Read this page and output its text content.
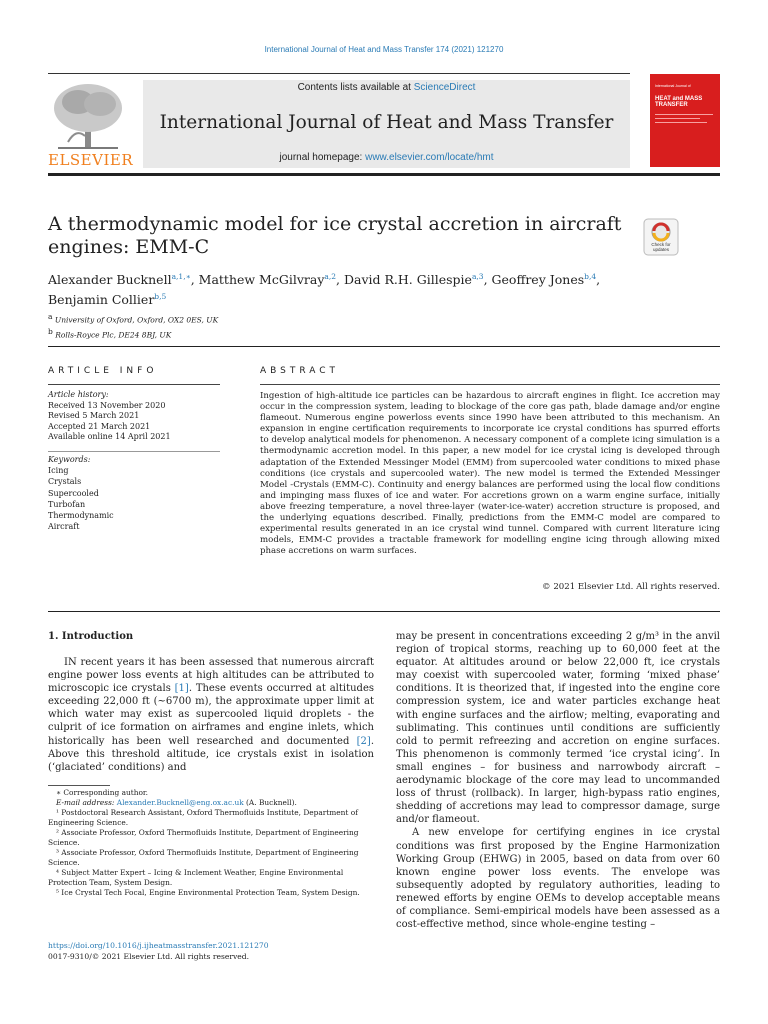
International Journal of Heat and Mass Transfer 174 (2021) 121270
ELSEVIER
Contents lists available at ScienceDirect
International Journal of Heat and Mass Transfer
journal homepage: www.elsevier.com/locate/hmt
International Journal of
HEAT and MASS TRANSFER
A thermodynamic model for ice crystal accretion in aircraft engines: EMM-C	Check for updates
Alexander Bucknell$^{a,1,∗}$, Matthew McGilvray$^{a,2}$, David R.H. Gillespie$^{a,3}$, Geoffrey Jones$^{b,4}$,
Benjamin Collier$^{b,5}$
$^a$ University of Oxford, Oxford, OX2 0ES, UK
$^b$ Rolls-Royce Plc, DE24 8BJ, UK
ARTICLE INFO
Article history:
Received 13 November 2020
Revised 5 March 2021
Accepted 21 March 2021
Available online 14 April 2021
Keywords:
Icing
Crystals
Supercooled
Turbofan
Thermodynamic
Aircraft
ABSTRACT
Ingestion of high-altitude ice particles can be hazardous to aircraft engines in flight. Ice accretion may occur in the compression system, leading to blockage of the core gas path, blade damage and/or engine flameout. Numerous engine powerloss events since 1990 have been attributed to this mechanism. An expansion in engine certification requirements to incorporate ice crystal conditions has spurred efforts to develop analytical models for phenomenon. A necessary component of a complete icing simulation is a thermodynamic accretion model. In this paper, a new model for ice crystal icing is developed through adaptation of the Extended Messinger Model (EMM) from supercooled water conditions to mixed phase conditions (ice crystals and supercooled water). The new model is termed the Extended Messinger Model -Crystals (EMM-C). Continuity and energy balances are performed using the local flow conditions and impinging mass fluxes of ice and water. For accretions grown on a warm engine surface, initially above freezing temperature, a novel three-layer (water-ice-water) accretion structure is proposed, and the underlying equations described. Finally, predictions from the EMM-C model are compared to experimental results generated in an ice crystal wind tunnel. Compared with current literature icing models, EMM-C provides a tractable framework for modelling engine icing through allowing mixed phase accretions on warm surfaces.
© 2021 Elsevier Ltd. All rights reserved.
1. Introduction

IN recent years it has been assessed that numerous aircraft engine power loss events at high altitudes can be attributed to microscopic ice crystals [1]. These events occurred at altitudes exceeding 22,000 ft (~6700 m), the approximate upper limit at which water may exist as supercooled liquid droplets - the culprit of ice formation on airframes and engine inlets, which historically has been well researched and documented [2]. Above this threshold altitude, ice crystals exist in isolation (‘glaciated’ conditions) and

may be present in concentrations exceeding 2 g/m³ in the anvil region of tropical storms, reaching up to 60,000 feet at the equator. At altitudes around or below 22,000 ft, ice crystals may coexist with supercooled water, forming ‘mixed phase’ conditions. It is theorized that, if ingested into the engine core compression system, ice and water particles exchange heat with engine surfaces and the airflow; melting, evaporating and sublimating. This continues until conditions are sufficiently cold to permit refreezing and accretion on engine surfaces. This phenomenon is commonly termed ‘ice crystal icing’. In small engines – for business and narrowbody aircraft – aerodynamic blockage of the core may lead to uncommanded loss of thrust (rollback). In larger, high-bypass ratio engines, shedding of accretions may lead to compressor damage, surge and/or flameout.

A new envelope for certifying engines in ice crystal conditions was first proposed by the Engine Harmonization Working Group (EHWG) in 2005, based on data from over 60 known engine power loss events. The envelope was subsequently adopted by regulatory authorities, leading to renewed efforts by engine OEMs to develop acceptable means of compliance. Semi-empirical models have been assessed as a cost-effective method, since whole-engine testing –

∗ Corresponding author.
E-mail address: Alexander.Bucknell@eng.ox.ac.uk (A. Bucknell).
¹ Postdoctoral Research Assistant, Oxford Thermofluids Institute, Department of Engineering Science.
² Associate Professor, Oxford Thermofluids Institute, Department of Engineering Science.
³ Associate Professor, Oxford Thermofluids Institute, Department of Engineering Science.
⁴ Subject Matter Expert – Icing & Inclement Weather, Engine Environmental Protection Team, System Design.
⁵ Ice Crystal Tech Focal, Engine Environmental Protection Team, System Design.
https://doi.org/10.1016/j.ijheatmasstransfer.2021.121270
0017-9310/© 2021 Elsevier Ltd. All rights reserved.
